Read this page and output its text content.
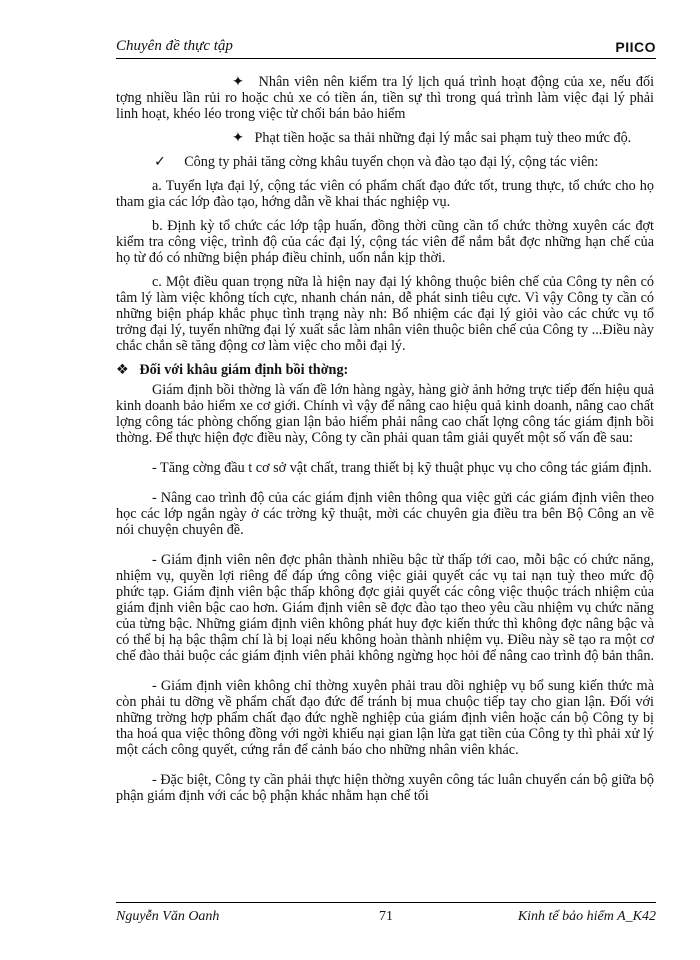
Chuyên đề thực tập	PIICO

✦ Nhân viên nên kiểm tra lý lịch quá trình hoạt động của xe, nếu đối tợng nhiều lần rủi ro hoặc chủ xe có tiền án, tiền sự thì trong quá trình làm việc đại lý phải linh hoạt, khéo léo trong việc từ chối bán bảo hiểm

✦ Phạt tiền hoặc sa thải những đại lý mắc sai phạm tuỳ theo mức độ.

✓ Công ty phải tăng cờng khâu tuyển chọn và đào tạo đại lý, cộng tác viên:

a. Tuyển lựa đại lý, cộng tác viên có phẩm chất đạo đức tốt, trung thực, tổ chức cho họ tham gia các lớp đào tạo, hớng dẫn về khai thác nghiệp vụ.

b. Định kỳ tổ chức các lớp tập huấn, đồng thời cũng cần tổ chức thờng xuyên các đợt kiểm tra công việc, trình độ của các đại lý, cộng tác viên để nắm bắt đợc những hạn chế của họ từ đó có những biện pháp điều chỉnh, uốn nắn kịp thời.

c. Một điều quan trọng nữa là hiện nay đại lý không thuộc biên chế của Công ty nên có tâm lý làm việc không tích cực, nhanh chán nản, dễ phát sinh tiêu cực. Vì vậy Công ty cần có những biện pháp khắc phục tình trạng này nh: Bổ nhiệm các đại lý giỏi vào các chức vụ tổ trởng đại lý, tuyển những đại lý xuất sắc làm nhân viên thuộc biên chế của Công ty ...Điều này chắc chắn sẽ tăng động cơ làm việc cho mỗi đại lý.

❖ Đối với khâu giám định bồi thờng:

Giám định bồi thờng là vấn đề lớn hàng ngày, hàng giờ ảnh hởng trực tiếp đến hiệu quả kinh doanh bảo hiểm xe cơ giới. Chính vì vậy để nâng cao hiệu quả kinh doanh, nâng cao chất lợng công tác phòng chống gian lận bảo hiểm phải nâng cao chất lợng công tác giám định bồi thờng. Để thực hiện đợc điều này, Công ty cần phải quan tâm giải quyết một số vấn đề sau:

- Tăng cờng đầu t cơ sở vật chất, trang thiết bị kỹ thuật phục vụ cho công tác giám định.

- Nâng cao trình độ của các giám định viên thông qua việc gửi các giám định viên theo học các lớp ngắn ngày ở các trờng kỹ thuật, mời các chuyên gia điều tra bên Bộ Công an về nói chuyện chuyên đề.

- Giám định viên nên đợc phân thành nhiều bậc từ thấp tới cao, mỗi bậc có chức năng, nhiệm vụ, quyền lợi riêng để đáp ứng công việc giải quyết các vụ tai nạn tuỳ theo mức độ phức tạp. Giám định viên bậc thấp không đợc giải quyết các công việc thuộc trách nhiệm của giám định viên bậc cao hơn. Giám định viên sẽ đợc đào tạo theo yêu cầu nhiệm vụ chức năng của từng bậc. Những giám định viên không phát huy đợc kiến thức thì không đợc nâng bậc và có thể bị hạ bậc thậm chí là bị loại nếu không hoàn thành nhiệm vụ. Điều này sẽ tạo ra một cơ chế đào thải buộc các giám định viên phải không ngừng học hỏi để nâng cao trình độ bản thân.

- Giám định viên không chỉ thờng xuyên phải trau dồi nghiệp vụ bổ sung kiến thức mà còn phải tu dỡng về phẩm chất đạo đức để tránh bị mua chuộc tiếp tay cho gian lận. Đối với những trờng hợp phẩm chất đạo đức nghề nghiệp của giám định viên hoặc cán bộ Công ty bị tha hoá qua việc thông đồng với ngời khiếu nại gian lận lừa gạt tiền của Công ty thì phải xử lý một cách công quyết, cứng rắn để cảnh báo cho những nhân viên khác.

- Đặc biệt, Công ty cần phải thực hiện thờng xuyên công tác luân chuyển cán bộ giữa bộ phận giám định với các bộ phận khác nhằm hạn chế tối

Nguyễn Văn Oanh	71	Kinh tế bảo hiểm A_K42
